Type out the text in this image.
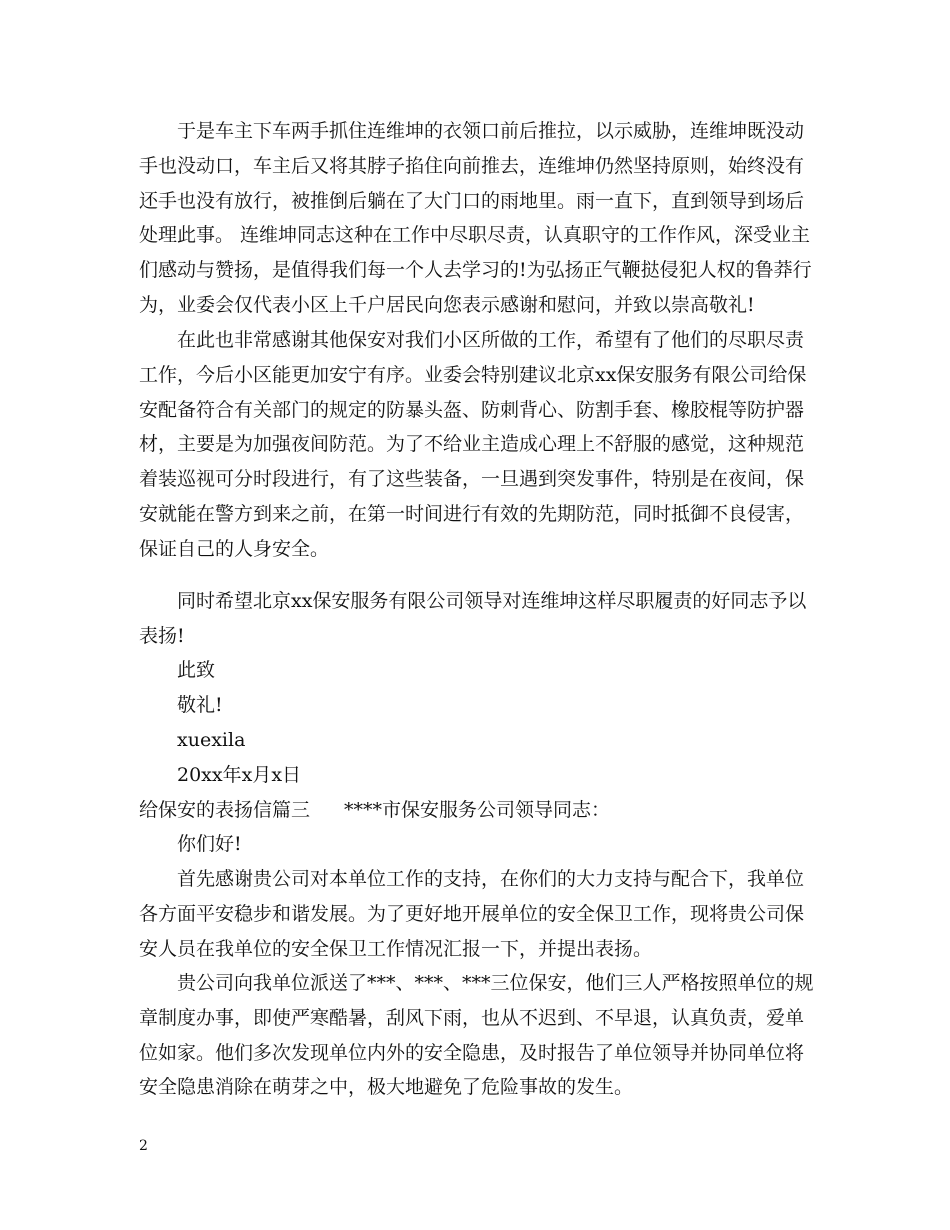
于是车主下车两手抓住连维坤的衣领口前后推拉，以示威胁，连维坤既没动手也没动口，车主后又将其脖子掐住向前推去，连维坤仍然坚持原则，始终没有还手也没有放行，被推倒后躺在了大门口的雨地里。雨一直下，直到领导到场后处理此事。 连维坤同志这种在工作中尽职尽责，认真职守的工作作风，深受业主们感动与赞扬，是值得我们每一个人去学习的!为弘扬正气鞭挞侵犯人权的鲁莽行为，业委会仅代表小区上千户居民向您表示感谢和慰问，并致以崇高敬礼!

在此也非常感谢其他保安对我们小区所做的工作，希望有了他们的尽职尽责工作，今后小区能更加安宁有序。业委会特别建议北京xx保安服务有限公司给保安配备符合有关部门的规定的防暴头盔、防刺背心、防割手套、橡胶棍等防护器材，主要是为加强夜间防范。为了不给业主造成心理上不舒服的感觉，这种规范着装巡视可分时段进行，有了这些装备，一旦遇到突发事件，特别是在夜间，保安就能在警方到来之前，在第一时间进行有效的先期防范，同时抵御不良侵害，保证自己的人身安全。

同时希望北京xx保安服务有限公司领导对连维坤这样尽职履责的好同志予以表扬!

此致

敬礼!

xuexila

20xx年x月x日

给保安的表扬信篇三 ****市保安服务公司领导同志：

你们好!

首先感谢贵公司对本单位工作的支持，在你们的大力支持与配合下，我单位各方面平安稳步和谐发展。为了更好地开展单位的安全保卫工作，现将贵公司保安人员在我单位的安全保卫工作情况汇报一下，并提出表扬。

贵公司向我单位派送了***、***、***三位保安，他们三人严格按照单位的规章制度办事，即使严寒酷暑，刮风下雨，也从不迟到、不早退，认真负责，爱单位如家。他们多次发现单位内外的安全隐患，及时报告了单位领导并协同单位将安全隐患消除在萌芽之中，极大地避免了危险事故的发生。

2
